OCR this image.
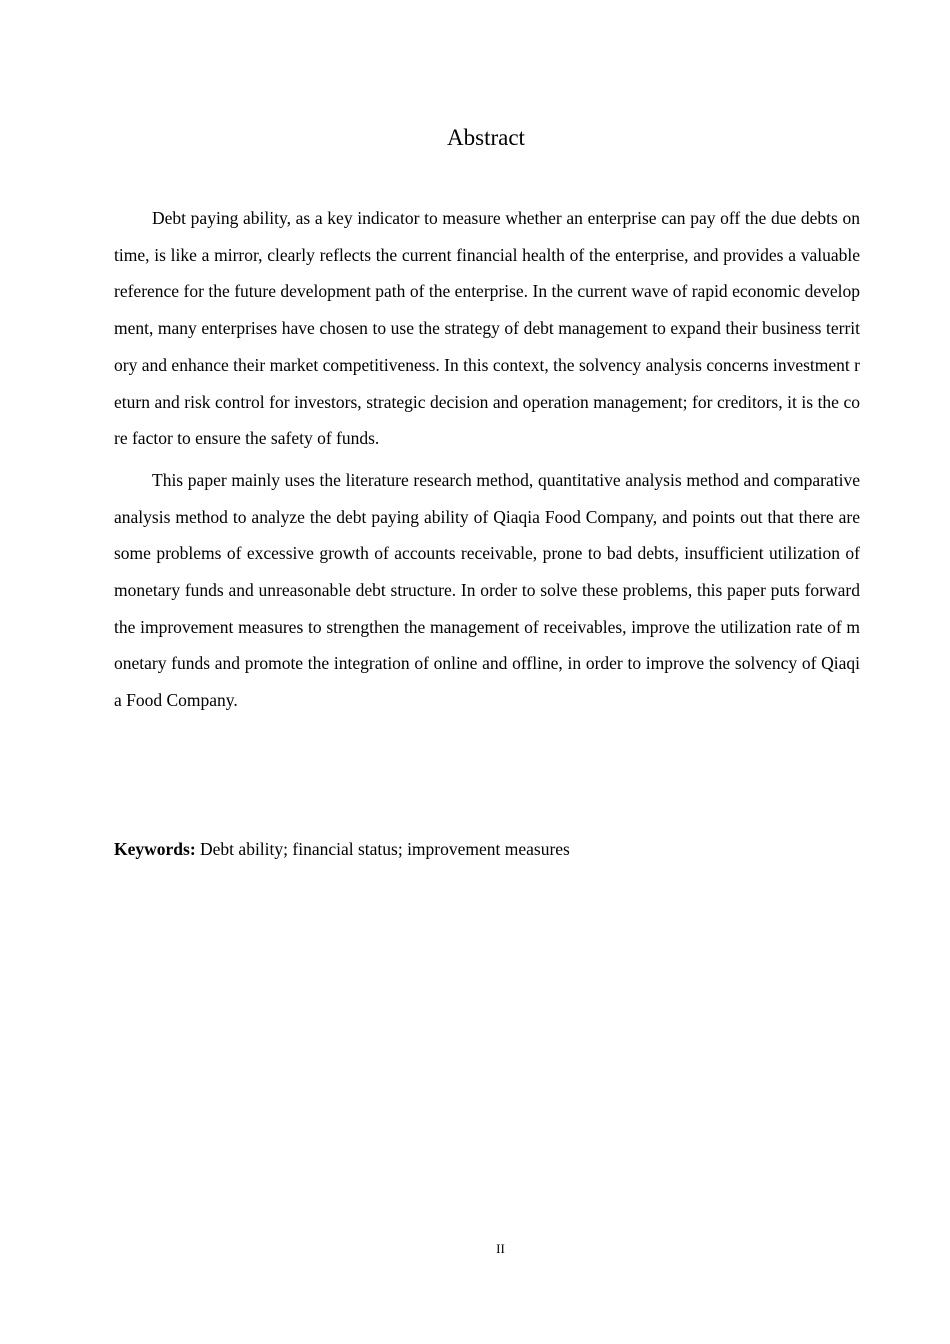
Abstract

Debt paying ability, as a key indicator to measure whether an enterprise can pay off the due debts on time, is like a mirror, clearly reflects the current financial health of the enterprise, and provides a valuable reference for the future development path of the enterprise. In the current wave of rapid economic development, many enterprises have chosen to use the strategy of debt management to expand their business territory and enhance their market competitiveness. In this context, the solvency analysis concerns investment return and risk control for investors, strategic decision and operation management; for creditors, it is the core factor to ensure the safety of funds.

This paper mainly uses the literature research method, quantitative analysis method and comparative analysis method to analyze the debt paying ability of Qiaqia Food Company, and points out that there are some problems of excessive growth of accounts receivable, prone to bad debts, insufficient utilization of monetary funds and unreasonable debt structure. In order to solve these problems, this paper puts forward the improvement measures to strengthen the management of receivables, improve the utilization rate of monetary funds and promote the integration of online and offline, in order to improve the solvency of Qiaqia Food Company.

Keywords: Debt ability; financial status; improvement measures
II
